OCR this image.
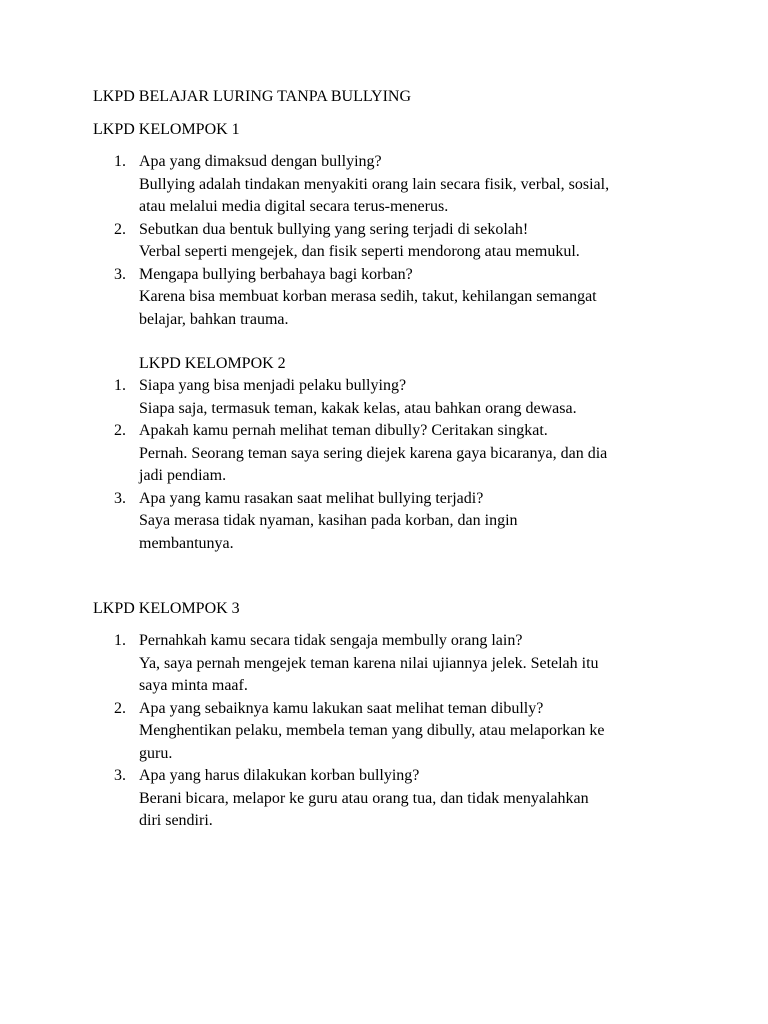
LKPD BELAJAR LURING TANPA BULLYING
LKPD KELOMPOK 1
1. Apa yang dimaksud dengan bullying?
Bullying adalah tindakan menyakiti orang lain secara fisik, verbal, sosial,
atau melalui media digital secara terus-menerus.
2. Sebutkan dua bentuk bullying yang sering terjadi di sekolah!
Verbal seperti mengejek, dan fisik seperti mendorong atau memukul.
3. Mengapa bullying berbahaya bagi korban?
Karena bisa membuat korban merasa sedih, takut, kehilangan semangat
belajar, bahkan trauma.
LKPD KELOMPOK 2
1. Siapa yang bisa menjadi pelaku bullying?
Siapa saja, termasuk teman, kakak kelas, atau bahkan orang dewasa.
2. Apakah kamu pernah melihat teman dibully? Ceritakan singkat.
Pernah. Seorang teman saya sering diejek karena gaya bicaranya, dan dia
jadi pendiam.
3. Apa yang kamu rasakan saat melihat bullying terjadi?
Saya merasa tidak nyaman, kasihan pada korban, dan ingin
membantunya.
LKPD KELOMPOK 3
1. Pernahkah kamu secara tidak sengaja membully orang lain?
Ya, saya pernah mengejek teman karena nilai ujiannya jelek. Setelah itu
saya minta maaf.
2. Apa yang sebaiknya kamu lakukan saat melihat teman dibully?
Menghentikan pelaku, membela teman yang dibully, atau melaporkan ke
guru.
3. Apa yang harus dilakukan korban bullying?
Berani bicara, melapor ke guru atau orang tua, dan tidak menyalahkan
diri sendiri.
